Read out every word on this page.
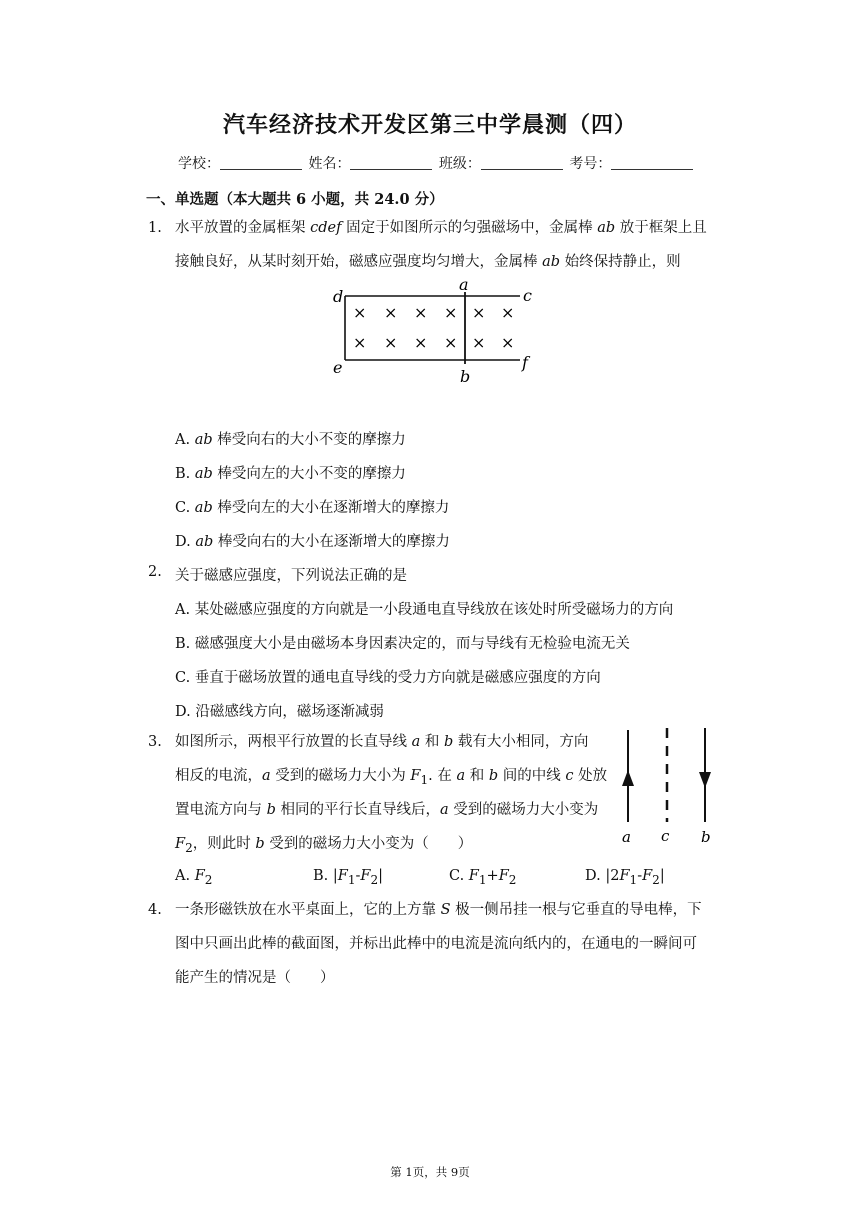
汽车经济技术开发区第三中学晨测（四）
学校：	姓名：	班级：	考号：
一、单选题（本大题共 6 小题，共 24.0 分）
1. 水平放置的金属框架 cdef 固定于如图所示的匀强磁场中，金属棒 ab 放于框架上且
接触良好，从某时刻开始，磁感应强度均匀增大，金属棒 ab 始终保持静止，则
d
a
c
e	b
f
× × × × × ×
× × × × × ×
A. ab 棒受向右的大小不变的摩擦力
B. ab 棒受向左的大小不变的摩擦力
C. ab 棒受向左的大小在逐渐增大的摩擦力
D. ab 棒受向右的大小在逐渐增大的摩擦力
2. 关于磁感应强度，下列说法正确的是
A. 某处磁感应强度的方向就是一小段通电直导线放在该处时所受磁场力的方向
B. 磁感强度大小是由磁场本身因素决定的，而与导线有无检验电流无关
C. 垂直于磁场放置的通电直导线的受力方向就是磁感应强度的方向
D. 沿磁感线方向，磁场逐渐减弱
3. 如图所示，两根平行放置的长直导线 a 和 b 载有大小相同，方向
相反的电流，a 受到的磁场力大小为 $F_1$. 在 a 和 b 间的中线 c 处放
置电流方向与 b 相同的平行长直导线后，a 受到的磁场力大小变为
$F_2$，则此时 b 受到的磁场力大小变为（　　）	a c b
A. $F_2$	B. $|F_1-F_2|$	C. $F_1+F_2$	D. $|2F_1-F_2|$
4. 一条形磁铁放在水平桌面上，它的上方靠 S 极一侧吊挂一根与它垂直的导电棒，下
图中只画出此棒的截面图，并标出此棒中的电流是流向纸内的，在通电的一瞬间可
能产生的情况是（　　）
第 1页，共 9页
